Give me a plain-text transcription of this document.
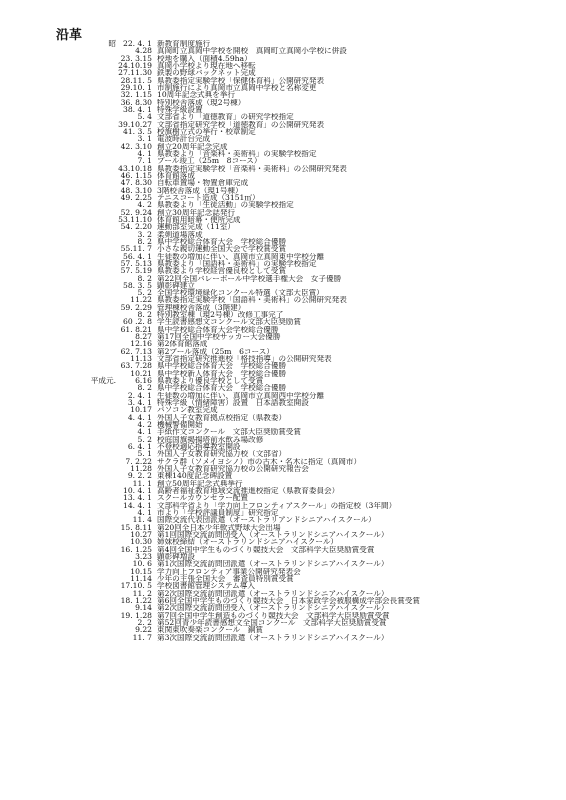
沿革
昭 22. 4. 1 新教育制度施行
4.28 真岡町立真岡中学校を開校　真岡町立真岡小学校に併設
23. 3.15 校地を購入（面積4.59ha）
24.10.19 真岡小学校より現在地へ移転
27.11.30 鉄製の野球バックネット完成
28.11. 5 県教委指定実験学校「保健体育科」公開研究発表
29.10. 1 市制施行により真岡市立真岡中学校と名称変更
32. 1.15 10周年記念式典を挙行
36. 8.30 特別校舎落成（現2号棟）
38. 4. 1 特殊学級設置
5. 4 文部省より「道徳教育」の研究学校指定
39.10.27 文部省指定研究学校「道徳教育」の公開研究発表
41. 3. 5 校旗樹立式の挙行・校章制定
3. 1 電波時計台完成
42. 3.10 創立20周年記念完成
4. 1 県教委より「音楽科・美術科」の実験学校指定
7. 1 プール竣工（25m　8コース）
43.10.18 県教委指定実験学校「音楽科・美術科」の公開研究発表
46. 1.15 体育館落成
47. 8.30 自転車置場・物置倉庫完成
48. 3.10 3階校舎落成（現1号棟）
49. 2.25 テニスコート造成（3151㎡）
4. 2 県教委より「生徒活動」の実験学校指定
52. 9.24 創立30周年記念誌発行
53.11.10 体育館用暗幕・便所完成
54. 2.20 運動部室完成（11室）
3. 2 柔剣道場落成
8. 2 県中学校総合体育大会　学校総合優勝
55.11. 7 小さな親切運動全国大会で学校賞受賞
56. 4. 1 生徒数の増加に伴い、真岡市立真岡東中学校分離
57. 5.13 県教委より「国語科・美術科」の実験学校指定
57. 5.19 県教委より学校経営優良校として受賞
8. 2 第22回全国バレーボール中学校選手権大会　女子優勝
58. 3. 5 顕彰碑建立
5. 2 全国学校環境緑化コンクール特選（文部大臣賞）
11.22 県教委指定実験学校「国語科・美術科」の公開研究発表
59. 2.29 管理棟校舎落成（3階建）
8. 2 特別教室棟（現2号棟）改修工事完了
60 .2. 8 学生読書感想文コンクール文部大臣奨励賞
61. 8.21 県中学校総合体育大会学校総合優勝
8.27 第17回全国中学校サッカー大会優勝
12.16 第2体育館落成
62. 7.13 第2プール落成（25m　6コース）
11.13 文部省指定研究推進校「格技指導」の公開研究発表
63. 7.28 県中学校総合体育大会　学校総合優勝
10.21 県中学校新人体育大会　学校総合優勝
平成元.	6.16 県教委より優良学校として受賞
8. 2 県中学校総合体育大会　学校総合優勝
2. 4. 1 生徒数の増加に伴い、真岡市立真岡西中学校分離
3. 4. 1 特殊学級（情緒障害）設置　日本語教室開設
10.17 パソコン教室完成
4. 4. 1 外国人子女教育拠点校指定（県教委）
4. 2 機械警備開始
4. 1 手紙作文コンクール　文部大臣奨励賞受賞
5. 2 校庭国旗掲揚塔前水飲み場改修
6. 4. 1 不登校適応指導教室開設
5. 1 外国人子女教育研究協力校（文部省）
7. 2.22 サクラ群（ソメイヨシノ）市の古木・名木に指定（真岡市）
11.28 外国人子女教育研究協力校の公開研究報告会
9. 2. 2 東棟140度記念碑設置
11. 1 創立50周年記念式典挙行
10. 4. 1 高齢者福祉教育地域交流推進校指定（県教育委員会）
13. 4. 1 スクールカウンセラー配置
14. 4. 1 文部科学省より「学力向上フロンティアスクール」の指定校（3年間）
4. 1 市より「学校評議員制度」研究指定
11. 4 国際交流代表団派遣（オーストラリアンドシニアハイスクール）
15. 8.11 第20回全日本少年軟式野球大会出場
10.27 第1回国際交流訪問団受入（オーストラリンドシニアハイスクール）
10.30 姉妹校締結（オーストラリンドシニアハイスクール）
16. 1.25 第4回全国中学生ものづくり競技大会　文部科学大臣奨励賞受賞
3.23 顕彰碑増設
10. 6 第1次国際交流訪問団派遣（オーストラリンドシニアハイスクール）
10.15 学力向上フロンティア事業公開研究発表会
11.14 少年の主張全国大会　審査員特別賞受賞
17.10. 5 学校図書館管理システム導入
11. 2 第2次国際交流訪問団派遣（オーストラリンドシニアハイスクール）
18. 1.22 第6回全国中学生ものづくり競技大会　日本家政学会被服構成学部会長賞受賞
9.14 第2次国際交流訪問団受入（オーストラリンドシニアハイスクール）
19. 1.28 第7回全国中学生創造ものづくり競技大会　文部科学大臣奨励賞受賞
2. 2 第52回青少年読書感想文全国コンクール　文部科学大臣奨励賞受賞
9.22 東関東吹奏楽コンクール　銅賞
11. 7 第3次国際交流訪問団派遣（オーストラリンドシニアハイスクール）
